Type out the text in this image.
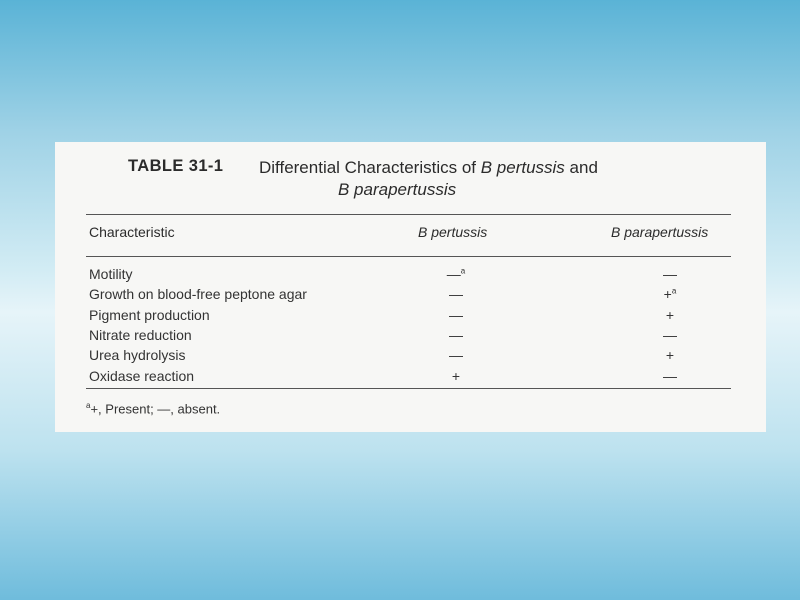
TABLE 31-1 Differential Characteristics of B pertussis and
B parapertussis
Characteristic	B pertussis	B parapertussis
Motility	—$^a$	—
Growth on blood-free peptone agar	—	+$^a$
Pigment production	—	+
Nitrate reduction	—	—
Urea hydrolysis	—	+
Oxidase reaction	+	—
$^a$+, Present; —, absent.
